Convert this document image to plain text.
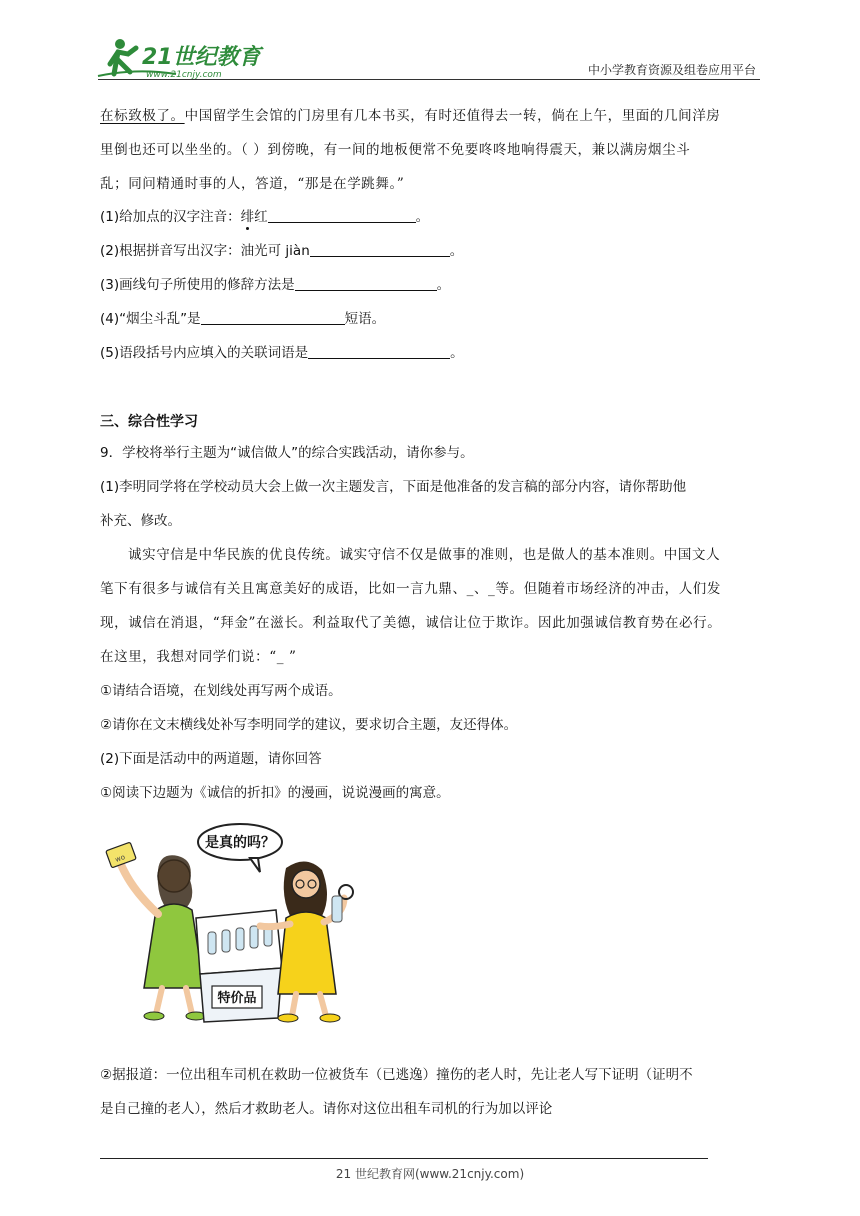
21世纪教育
www.21cnjy.com	中小学教育资源及组卷应用平台
在标致极了。中国留学生会馆的门房里有几本书买，有时还值得去一转，倘在上午，里面的几间洋房
里倒也还可以坐坐的。（ ）到傍晚，有一间的地板便常不免要咚咚地响得震天，兼以满房烟尘斗
乱；同问精通时事的人，答道，“那是在学跳舞。”
(1)给加点的汉字注音：绯红	。
(2)根据拼音写出汉字：油光可 jiàn	。
(3)画线句子所使用的修辞方法是	。
(4)“烟尘斗乱”是	短语。
(5)语段括号内应填入的关联词语是	。
三、综合性学习
9．学校将举行主题为“诚信做人”的综合实践活动，请你参与。
(1)李明同学将在学校动员大会上做一次主题发言，下面是他准备的发言稿的部分内容，请你帮助他
补充、修改。
诚实守信是中华民族的优良传统。诚实守信不仅是做事的准则，也是做人的基本准则。中国文人
笔下有很多与诚信有关且寓意美好的成语，比如一言九鼎、_、_等。但随着市场经济的冲击，人们发
现，诚信在消退，“拜金”在滋长。利益取代了美德，诚信让位于欺诈。因此加强诚信教育势在必行。
在这里，我想对同学们说：“_ ”
①请结合语境，在划线处再写两个成语。
②请你在文末横线处补写李明同学的建议，要求切合主题，友还得体。
(2)下面是活动中的两道题，请你回答
①阅读下边题为《诚信的折扣》的漫画，说说漫画的寓意。
是真的吗？
wo
特价品
②据报道：一位出租车司机在救助一位被货车（已逃逸）撞伤的老人时，先让老人写下证明（证明不
是自己撞的老人），然后才救助老人。请你对这位出租车司机的行为加以评论
21 世纪教育网(www.21cnjy.com)
